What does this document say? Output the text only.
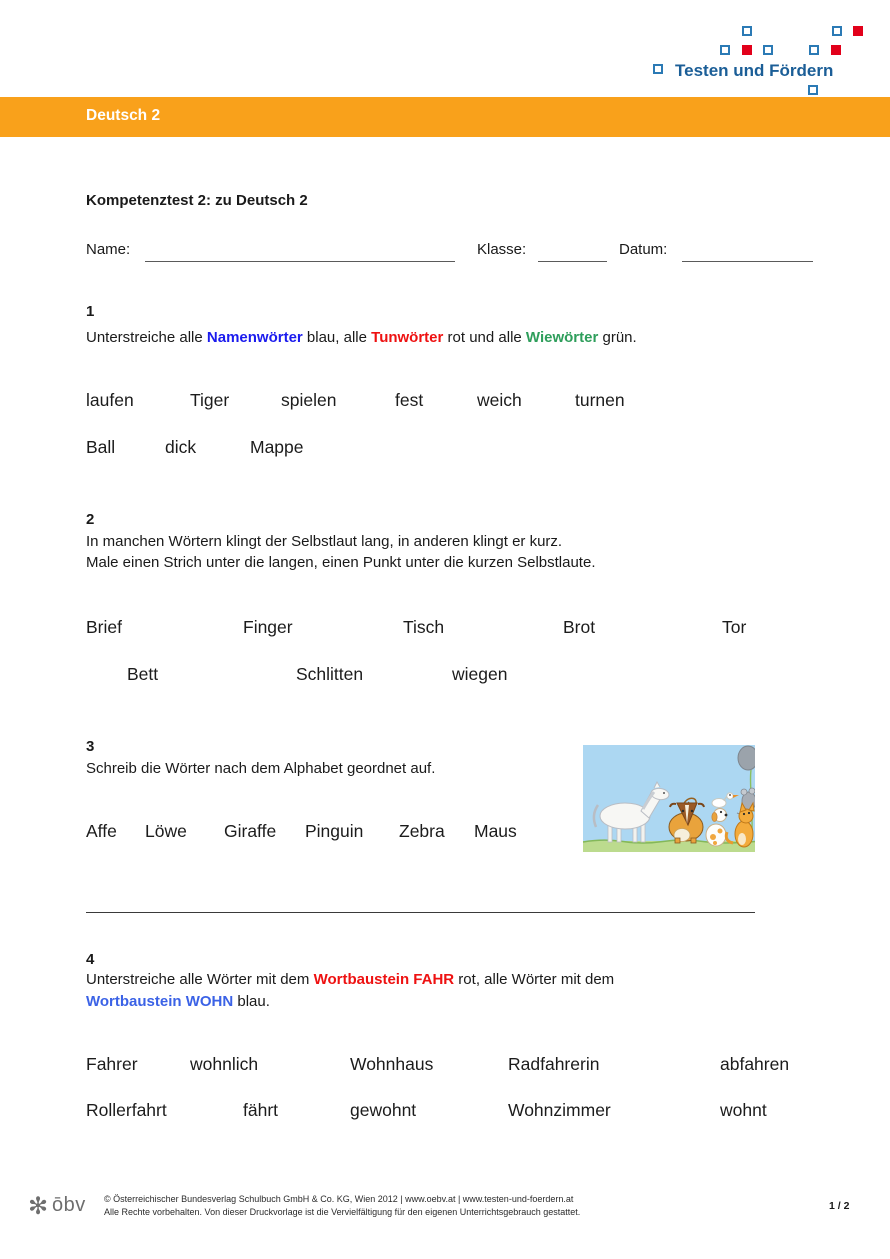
Testen und Fördern
Deutsch 2
Kompetenztest 2: zu Deutsch 2
Name:	Klasse:	Datum:
1
Unterstreiche alle Namenwörter blau, alle Tunwörter rot und alle Wiewörter grün.
laufen	Tiger	spielen	fest	weich	turnen
Ball	dick	Mappe
2
In manchen Wörtern klingt der Selbstlaut lang, in anderen klingt er kurz.
Male einen Strich unter die langen, einen Punkt unter die kurzen Selbstlaute.
Brief	Finger	Tisch	Brot	Tor
Bett	Schlitten	wiegen
3
Schreib die Wörter nach dem Alphabet geordnet auf.
Affe Löwe Giraffe Pinguin Zebra Maus
4
Unterstreiche alle Wörter mit dem Wortbaustein FAHR rot, alle Wörter mit dem
Wortbaustein WOHN blau.
Fahrer	wohnlich	Wohnhaus	Radfahrerin	abfahren
Rollerfahrt	fährt	gewohnt	Wohnzimmer	wohnt
✻ ōbv © Österreichischer Bundesverlag Schulbuch GmbH & Co. KG, Wien 2012 | www.oebv.at | www.testen-und-foerdern.at
Alle Rechte vorbehalten. Von dieser Druckvorlage ist die Vervielfältigung für den eigenen Unterrichtsgebrauch gestattet.	1 / 2
